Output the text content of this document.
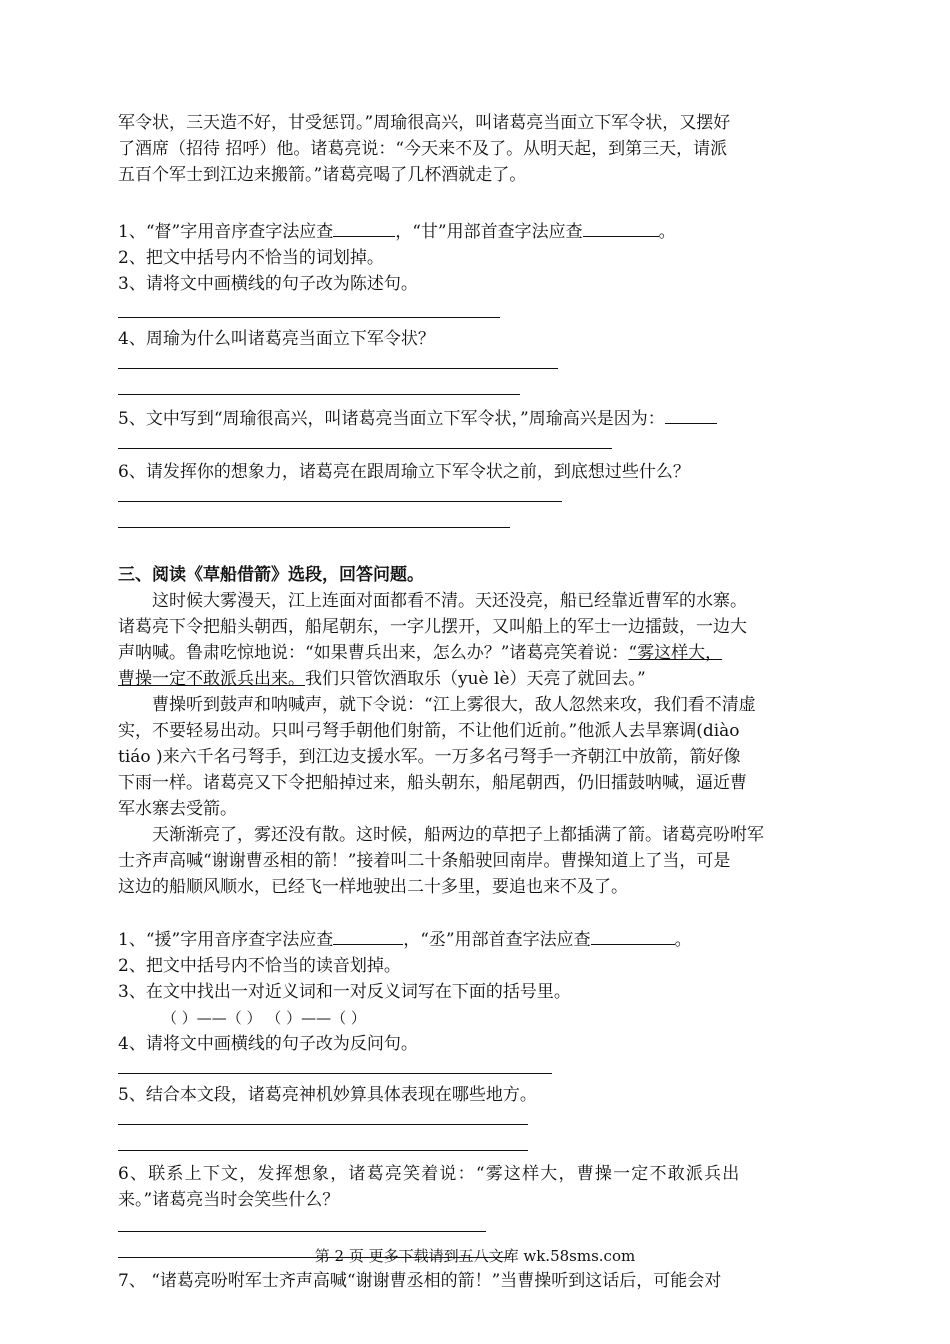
军令状，三天造不好，甘受惩罚。”周瑜很高兴，叫诸葛亮当面立下军令状，又摆好

了酒席（招待 招呼）他。诸葛亮说：“今天来不及了。从明天起，到第三天，请派

五百个军士到江边来搬箭。”诸葛亮喝了几杯酒就走了。

1、“督”字用音序查字法应查	，“甘”用部首查字法应查	。

2、把文中括号内不恰当的词划掉。

3、请将文中画横线的句子改为陈述句。

4、周瑜为什么叫诸葛亮当面立下军令状？

5、文中写到“周瑜很高兴，叫诸葛亮当面立下军令状，”周瑜高兴是因为：

6、请发挥你的想象力，诸葛亮在跟周瑜立下军令状之前，到底想过些什么？

三、阅读《草船借箭》选段，回答问题。

这时候大雾漫天，江上连面对面都看不清。天还没亮，船已经靠近曹军的水寨。

诸葛亮下令把船头朝西，船尾朝东，一字儿摆开，又叫船上的军士一边擂鼓，一边大

声呐喊。鲁肃吃惊地说：“如果曹兵出来，怎么办？”诸葛亮笑着说：“雾这样大，

曹操一定不敢派兵出来。我们只管饮酒取乐（yuè lè）天亮了就回去。”

曹操听到鼓声和呐喊声，就下令说：“江上雾很大，敌人忽然来攻，我们看不清虚

实，不要轻易出动。只叫弓弩手朝他们射箭，不让他们近前。”他派人去旱寨调(diào

tiáo )来六千名弓弩手，到江边支援水军。一万多名弓弩手一齐朝江中放箭，箭好像

下雨一样。诸葛亮又下令把船掉过来，船头朝东，船尾朝西，仍旧擂鼓呐喊，逼近曹

军水寨去受箭。

天渐渐亮了，雾还没有散。这时候，船两边的草把子上都插满了箭。诸葛亮吩咐军

士齐声高喊“谢谢曹丞相的箭！”接着叫二十条船驶回南岸。曹操知道上了当，可是

这边的船顺风顺水，已经飞一样地驶出二十多里，要追也来不及了。

1、“援”字用音序查字法应查	，“丞”用部首查字法应查	。

2、把文中括号内不恰当的读音划掉。

3、在文中找出一对近义词和一对反义词写在下面的括号里。

（ ）——（ ） （ ）——（ ）

4、请将文中画横线的句子改为反问句。

5、结合本文段，诸葛亮神机妙算具体表现在哪些地方。

6、联系上下文，发挥想象，诸葛亮笑着说：“雾这样大，曹操一定不敢派兵出

来。”诸葛亮当时会笑些什么？

7、 “诸葛亮吩咐军士齐声高喊“谢谢曹丞相的箭！”当曹操听到这话后，可能会对

第 2 页 更多下载请到五八文库 wk.58sms.com
